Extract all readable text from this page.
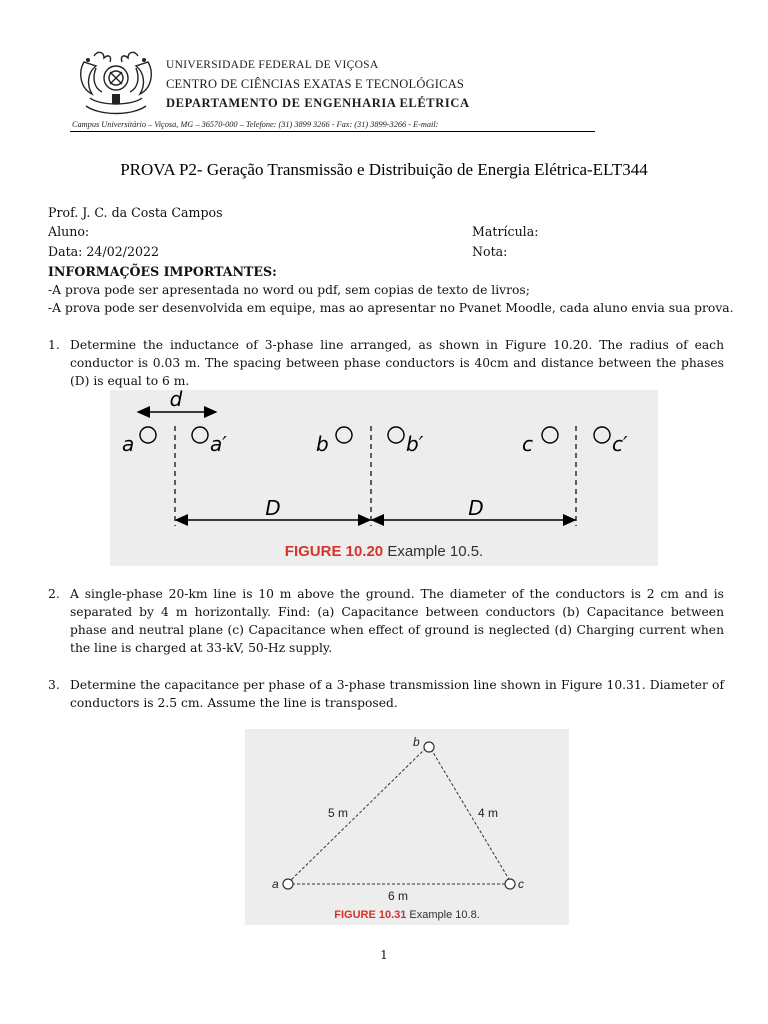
UNIVERSIDADE FEDERAL DE VIÇOSA
CENTRO DE CIÊNCIAS EXATAS E TECNOLÓGICAS
DEPARTAMENTO DE ENGENHARIA ELÉTRICA
Campus Universitário – Viçosa, MG – 36570-000 – Telefone: (31) 3899 3266 - Fax: (31) 3899-3266 - E-mail:
PROVA P2- Geração Transmissão e Distribuição de Energia Elétrica-ELT344
Prof. J. C. da Costa Campos
Aluno:	Matrícula:
Data: 24/02/2022	Nota:
INFORMAÇÕES IMPORTANTES:
-A prova pode ser apresentada no word ou pdf, sem copias de texto de livros;
-A prova pode ser desenvolvida em equipe, mas ao apresentar no Pvanet Moodle, cada aluno envia sua prova.
1. Determine the inductance of 3-phase line arranged, as shown in Figure 10.20. The radius of each conductor is 0.03 m. The spacing between phase conductors is 40cm and distance between the phases (D) is equal to 6 m.
d
a	a′	b	b′	c	c′
D	D
FIGURE 10.20 Example 10.5.
2. A single-phase 20-km line is 10 m above the ground. The diameter of the conductors is 2 cm and is separated by 4 m horizontally. Find: (a) Capacitance between conductors (b) Capacitance between phase and neutral plane (c) Capacitance when effect of ground is neglected (d) Charging current when the line is charged at 33-kV, 50-Hz supply.
3. Determine the capacitance per phase of a 3-phase transmission line shown in Figure 10.31. Diameter of conductors is 2.5 cm. Assume the line is transposed.
a
b
c
5 m	4 m
6 m
FIGURE 10.31 Example 10.8.
1
